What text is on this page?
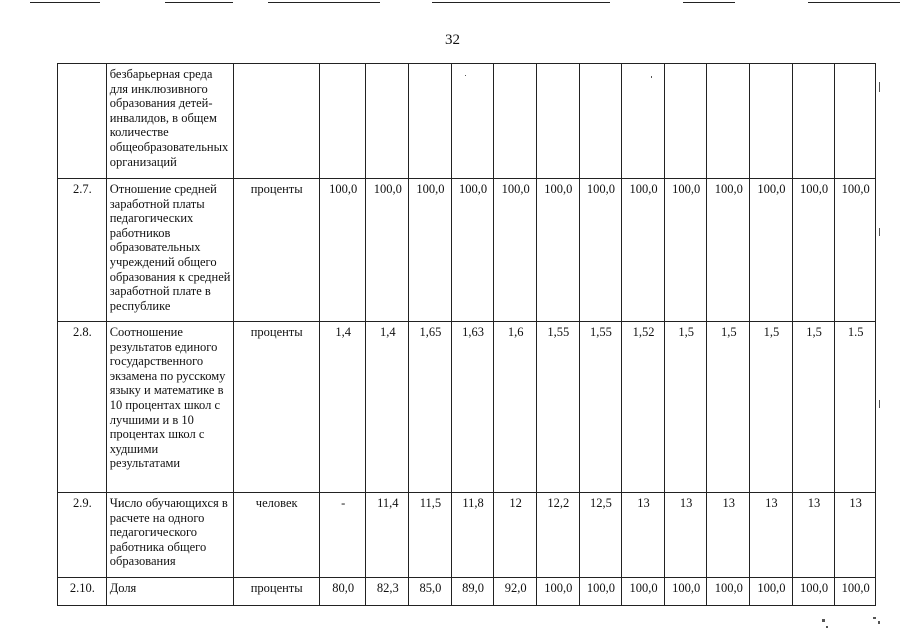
32
	безбарьерная среда для инклюзивного образования детей-инвалидов, в общем количестве общеобразовательных организаций														
2.7.	Отношение средней заработной платы педагогических работников образовательных учреждений общего образования к средней заработной плате в республике	проценты	100,0	100,0	100,0	100,0	100,0	100,0	100,0	100,0	100,0	100,0	100,0	100,0	100,0
2.8.	Соотношение результатов единого государственного экзамена по русскому языку и математике в 10 процентах школ с лучшими и в 10 процентах школ с худшими результатами	проценты	1,4	1,4	1,65	1,63	1,6	1,55	1,55	1,52	1,5	1,5	1,5	1,5	1.5
2.9.	Число обучающихся в расчете на одного педагогического работника общего образования	человек	-	11,4	11,5	11,8	12	12,2	12,5	13	13	13	13	13	13
2.10.	Доля	проценты	80,0	82,3	85,0	89,0	92,0	100,0	100,0	100,0	100,0	100,0	100,0	100,0	100,0
